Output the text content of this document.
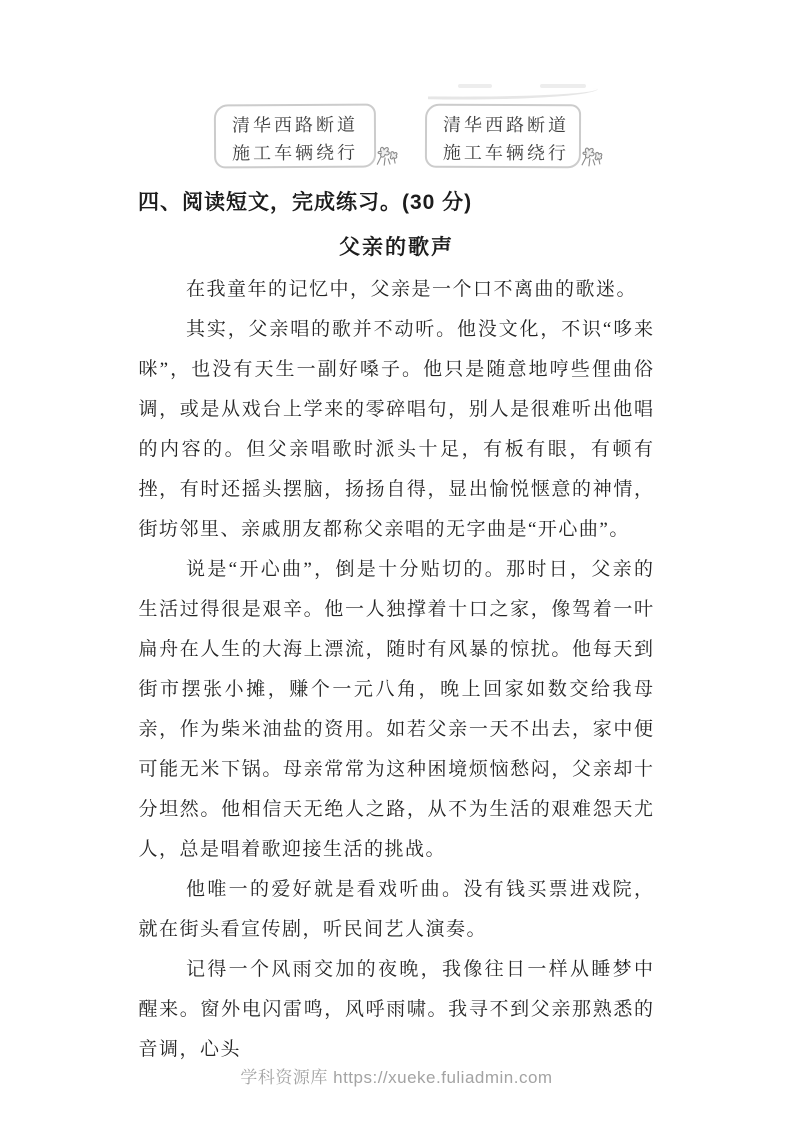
清华西路断道
施工车辆绕行
清华西路断道
施工车辆绕行
四、阅读短文，完成练习。(30 分)
父亲的歌声

在我童年的记忆中，父亲是一个口不离曲的歌迷。

其实，父亲唱的歌并不动听。他没文化，不识“哆来咪”，也没有天生一副好嗓子。他只是随意地哼些俚曲俗调，或是从戏台上学来的零碎唱句，别人是很难听出他唱的内容的。但父亲唱歌时派头十足，有板有眼，有顿有挫，有时还摇头摆脑，扬扬自得，显出愉悦惬意的神情，街坊邻里、亲戚朋友都称父亲唱的无字曲是“开心曲”。

说是“开心曲”，倒是十分贴切的。那时日，父亲的生活过得很是艰辛。他一人独撑着十口之家，像驾着一叶扁舟在人生的大海上漂流，随时有风暴的惊扰。他每天到街市摆张小摊，赚个一元八角，晚上回家如数交给我母亲，作为柴米油盐的资用。如若父亲一天不出去，家中便可能无米下锅。母亲常常为这种困境烦恼愁闷，父亲却十分坦然。他相信天无绝人之路，从不为生活的艰难怨天尤人，总是唱着歌迎接生活的挑战。

他唯一的爱好就是看戏听曲。没有钱买票进戏院，就在街头看宣传剧，听民间艺人演奏。

记得一个风雨交加的夜晚，我像往日一样从睡梦中醒来。窗外电闪雷鸣，风呼雨啸。我寻不到父亲那熟悉的音调，心头

学科资源库 https://xueke.fuliadmin.com
